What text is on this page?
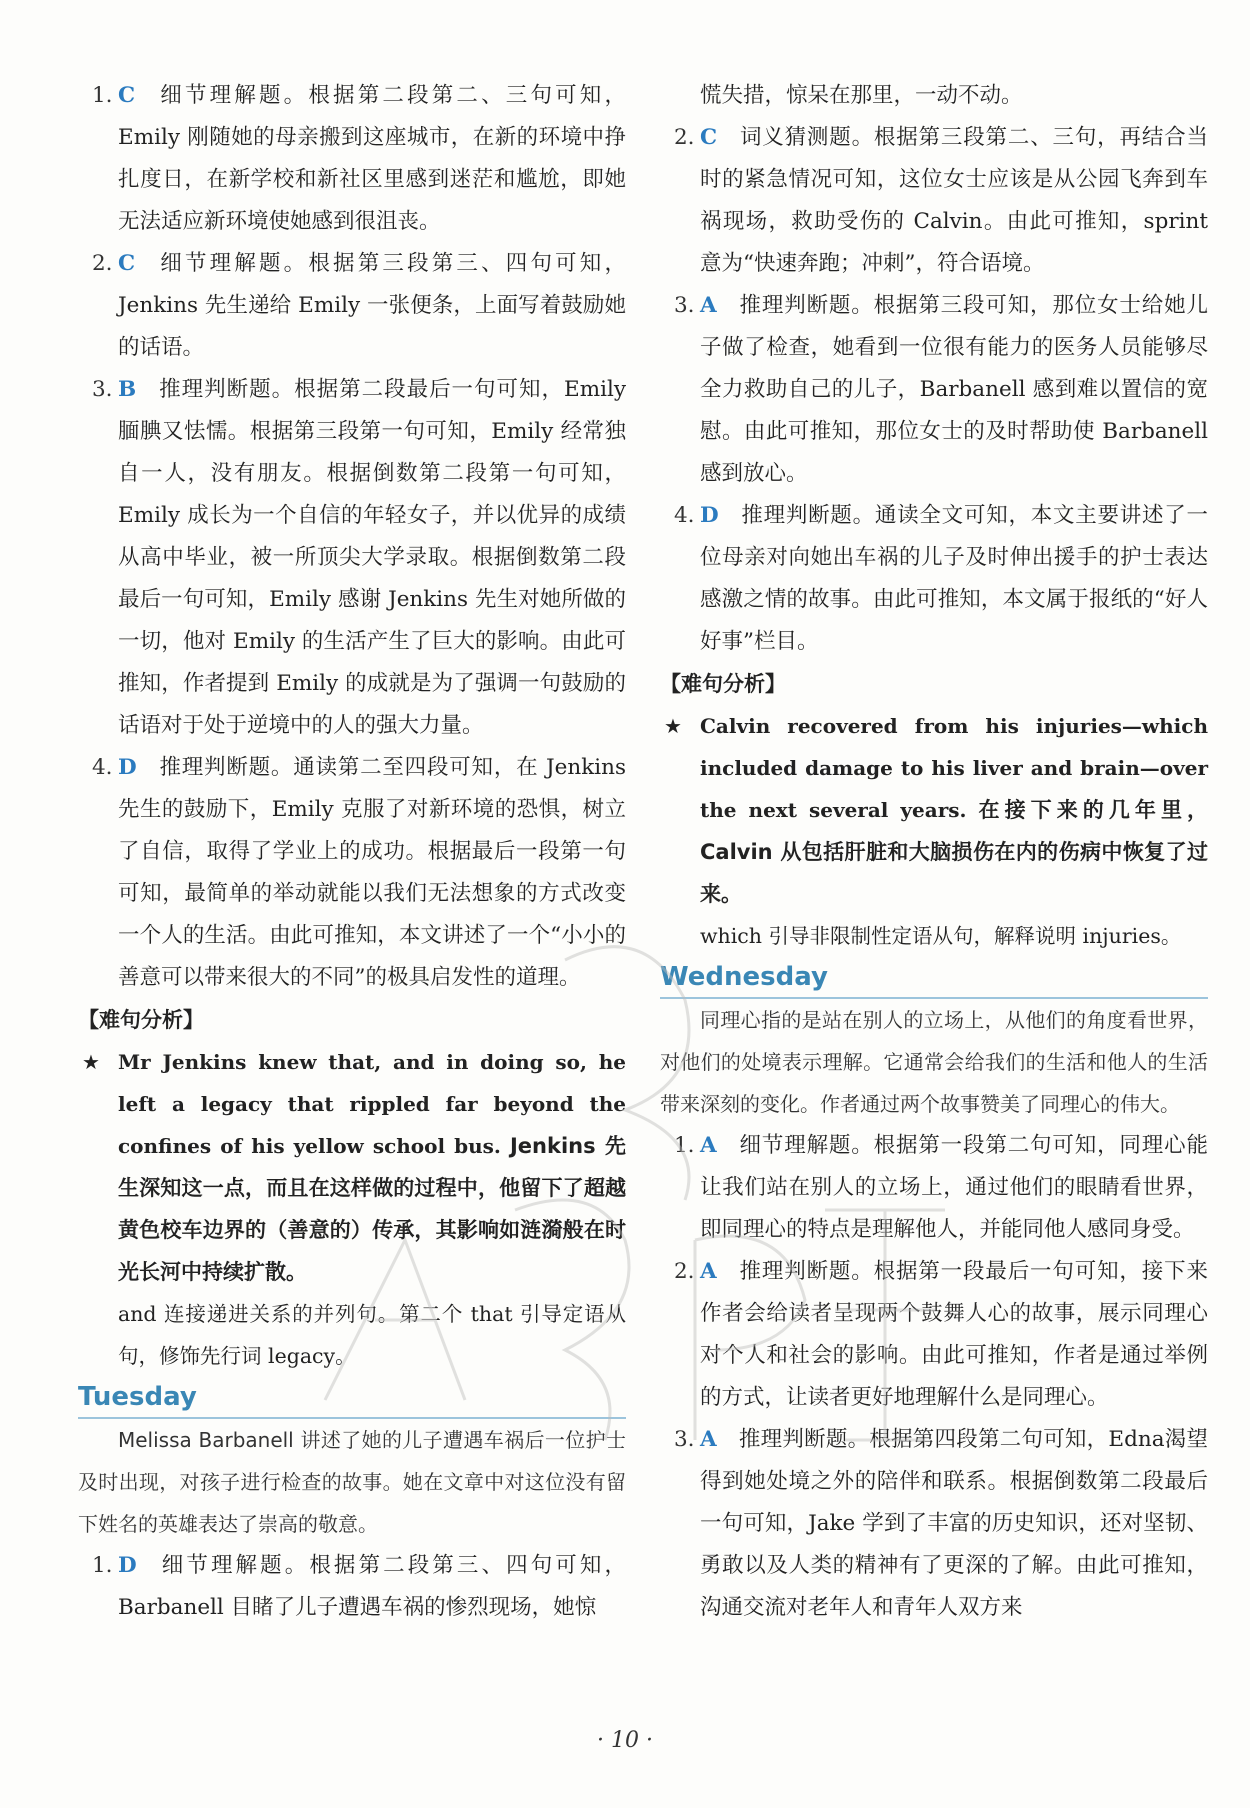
1. C 细节理解题。根据第二段第二、三句可知，Emily 刚随她的母亲搬到这座城市，在新的环境中挣扎度日，在新学校和新社区里感到迷茫和尴尬，即她无法适应新环境使她感到很沮丧。
2. C 细节理解题。根据第三段第三、四句可知，Jenkins 先生递给 Emily 一张便条，上面写着鼓励她的话语。
3. B 推理判断题。根据第二段最后一句可知，Emily腼腆又怯懦。根据第三段第一句可知，Emily 经常独自一人，没有朋友。根据倒数第二段第一句可知，Emily 成长为一个自信的年轻女子，并以优异的成绩从高中毕业，被一所顶尖大学录取。根据倒数第二段最后一句可知，Emily 感谢 Jenkins 先生对她所做的一切，他对 Emily 的生活产生了巨大的影响。由此可推知，作者提到 Emily 的成就是为了强调一句鼓励的话语对于处于逆境中的人的强大力量。
4. D 推理判断题。通读第二至四段可知，在 Jenkins先生的鼓励下，Emily 克服了对新环境的恐惧，树立了自信，取得了学业上的成功。根据最后一段第一句可知，最简单的举动就能以我们无法想象的方式改变一个人的生活。由此可推知，本文讲述了一个“小小的善意可以带来很大的不同”的极具启发性的道理。

【难句分析】

★ Mr Jenkins knew that, and in doing so, he left a legacy that rippled far beyond the confines of his yellow school bus. Jenkins 先生深知这一点，而且在这样做的过程中，他留下了超越黄色校车边界的（善意的）传承，其影响如涟漪般在时光长河中持续扩散。

and 连接递进关系的并列句。第二个 that 引导定语从句，修饰先行词 legacy。

Tuesday

Melissa Barbanell 讲述了她的儿子遭遇车祸后一位护士及时出现，对孩子进行检查的故事。她在文章中对这位没有留下姓名的英雄表达了崇高的敬意。

1. D 细节理解题。根据第二段第三、四句可知，Barbanell 目睹了儿子遭遇车祸的惨烈现场，她惊

慌失措，惊呆在那里，一动不动。

2. C 词义猜测题。根据第三段第二、三句，再结合当时的紧急情况可知，这位女士应该是从公园飞奔到车祸现场，救助受伤的 Calvin。由此可推知，sprint 意为“快速奔跑；冲刺”，符合语境。
3. A 推理判断题。根据第三段可知，那位女士给她儿子做了检查，她看到一位很有能力的医务人员能够尽全力救助自己的儿子，Barbanell 感到难以置信的宽慰。由此可推知，那位女士的及时帮助使 Barbanell 感到放心。
4. D 推理判断题。通读全文可知，本文主要讲述了一位母亲对向她出车祸的儿子及时伸出援手的护士表达感激之情的故事。由此可推知，本文属于报纸的“好人好事”栏目。

【难句分析】

★ Calvin recovered from his injuries—which included damage to his liver and brain—over the next several years. 在接下来的几年里，Calvin 从包括肝脏和大脑损伤在内的伤病中恢复了过来。

which 引导非限制性定语从句，解释说明 injuries。

Wednesday

同理心指的是站在别人的立场上，从他们的角度看世界，对他们的处境表示理解。它通常会给我们的生活和他人的生活带来深刻的变化。作者通过两个故事赞美了同理心的伟大。

1. A 细节理解题。根据第一段第二句可知，同理心能让我们站在别人的立场上，通过他们的眼睛看世界，即同理心的特点是理解他人，并能同他人感同身受。
2. A 推理判断题。根据第一段最后一句可知，接下来作者会给读者呈现两个鼓舞人心的故事，展示同理心对个人和社会的影响。由此可推知，作者是通过举例的方式，让读者更好地理解什么是同理心。
3. A 推理判断题。根据第四段第二句可知，Edna渴望得到她处境之外的陪伴和联系。根据倒数第二段最后一句可知，Jake 学到了丰富的历史知识，还对坚韧、勇敢以及人类的精神有了更深的了解。由此可推知，沟通交流对老年人和青年人双方来
· 10 ·
